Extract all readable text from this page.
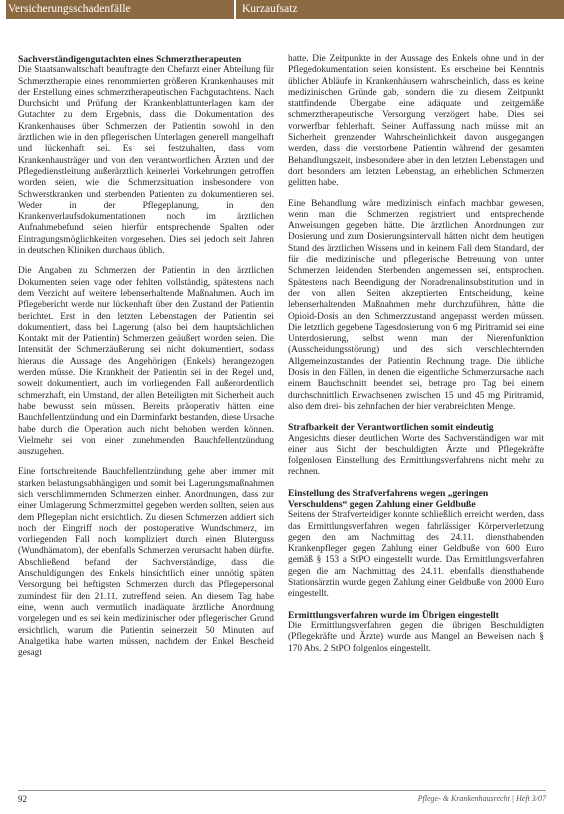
Versicherungsschadenfälle	Kurzaufsatz
Sachverständigengutachten eines Schmerztherapeuten

Die Staatsanwaltschaft beauftragte den Chefarzt einer Abteilung für Schmerztherapie eines renommierten größeren Krankenhauses mit der Erstellung eines schmerztherapeutischen Fachgutachtens. Nach Durchsicht und Prüfung der Krankenblattunterlagen kam der Gutachter zu dem Ergebnis, dass die Dokumentation des Krankenhauses über Schmerzen der Patientin sowohl in den ärztlichen wie in den pflegerischen Unterlagen generell mangelhaft und lückenhaft sei. Es sei festzuhalten, dass vom Krankenhausträger und von den verantwortlichen Ärzten und der Pflegedienstleitung außerärztlich keinerlei Vorkehrungen getroffen worden seien, wie die Schmerzsituation insbesondere von Schwerstkranken und sterbenden Patienten zu dokumentieren sei. Weder in der Pflegeplanung, in den Krankenverlaufsdokumentationen noch im ärztlichen Aufnahmebefund seien hierfür entsprechende Spalten oder Eintragungsmöglichkeiten vorgesehen. Dies sei jedoch seit Jahren in deutschen Kliniken durchaus üblich.

Die Angaben zu Schmerzen der Patientin in den ärztlichen Dokumenten seien vage oder fehlten vollständig, spätestens nach dem Verzicht auf weitere lebenserhaltende Maßnahmen. Auch im Pflegebericht werde nur lückenhaft über den Zustand der Patientin berichtet. Erst in den letzten Lebenstagen der Patientin sei dokumentiert, dass bei Lagerung (also bei dem hauptsächlichen Kontakt mit der Patientin) Schmerzen geäußert worden seien. Die Intensität der Schmerzäußerung sei nicht dokumentiert, sodass hieraus die Aussage des Angehörigen (Enkels) herangezogen werden müsse. Die Krankheit der Patientin sei in der Regel und, soweit dokumentiert, auch im vorliegenden Fall außerordentlich schmerzhaft, ein Umstand, der allen Beteiligten mit Sicherheit auch habe bewusst sein müssen. Bereits präoperativ hätten eine Bauchfellentzündung und ein Darminfarkt bestanden, diese Ursache habe durch die Operation auch nicht behoben werden können. Vielmehr sei von einer zunehmenden Bauchfellentzündung auszugehen.

Eine fortschreitende Bauchfellentzündung gehe aber immer mit starken belastungsabhängigen und somit bei Lagerungsmaßnahmen sich verschlimmernden Schmerzen einher. Anordnungen, dass zur einer Umlagerung Schmerzmittel gegeben werden sollten, seien aus dem Pflegeplan nicht ersichtlich. Zu diesen Schmerzen addiert sich noch der Eingriff noch der postoperative Wundschmerz, im vorliegenden Fall noch kompliziert durch einen Bluterguss (Wundhämatom), der ebenfalls Schmerzen verursacht haben dürfte. Abschließend befand der Sachverständige, dass die Anschuldigungen des Enkels hinsichtlich einer unnötig späten Versorgung bei heftigsten Schmerzen durch das Pflegepersonal zumindest für den 21.11. zutreffend seien. An diesem Tag habe eine, wenn auch vermutlich inadäquate ärztliche Anordnung vorgelegen und es sei kein medizinischer oder pflegerischer Grund ersichtlich, warum die Patientin seinerzeit 50 Minuten auf Analgetika habe warten müssen, nachdem der Enkel Bescheid gesagt

hatte. Die Zeitpunkte in der Aussage des Enkels ohne und in der Pflegedokumentation seien konsistent. Es erscheine bei Kenntnis üblicher Abläufe in Krankenhäusern wahrscheinlich, dass es keine medizinischen Gründe gab, sondern die zu diesem Zeitpunkt stattfindende Übergabe eine adäquate und zeitgemäße schmerztherapeutische Versorgung verzögert habe. Dies sei vorwerfbar fehlerhaft. Seiner Auffassung nach müsse mit an Sicherheit grenzender Wahrscheinlichkeit davon ausgegangen werden, dass die verstorbene Patientin während der gesamten Behandlungszeit, insbesondere aber in den letzten Lebenstagen und dort besonders am letzten Lebenstag, an erheblichen Schmerzen gelitten habe.

Eine Behandlung wäre medizinisch einfach machbar gewesen, wenn man die Schmerzen registriert und entsprechende Anweisungen gegeben hätte. Die ärztlichen Anordnungen zur Dosierung und zum Dosierungsintervall hätten nicht dem heutigen Stand des ärztlichen Wissens und in keinem Fall dem Standard, der für die medizinische und pflegerische Betreuung von unter Schmerzen leidenden Sterbenden angemessen sei, entsprochen. Spätestens nach Beendigung der Noradrenalinsubstitution und in der von allen Seiten akzeptierten Entscheidung, keine lebenserhaltenden Maßnahmen mehr durchzuführen, hätte die Opioid-Dosis an den Schmerzzustand angepasst werden müssen. Die letztlich gegebene Tagesdosierung von 6 mg Piritramid sei eine Unterdosierung, selbst wenn man der Nierenfunktion (Ausscheidungsstörung) und des sich verschlechternden Allgemeinzustandes der Patientin Rechnung trage. Die übliche Dosis in den Fällen, in denen die eigentliche Schmerzursache nach einem Bauchschnitt beendet sei, betrage pro Tag bei einem durchschnittlich Erwachsenen zwischen 15 und 45 mg Piritramid, also dem drei- bis zehnfachen der hier verabreichten Menge.

Strafbarkeit der Verantwortlichen somit eindeutig

Angesichts dieser deutlichen Worte des Sachverständigen war mit einer aus Sicht der beschuldigten Ärzte und Pflegekräfte folgenlosen Einstellung des Ermittlungsverfahrens nicht mehr zu rechnen.

Einstellung des Strafverfahrens wegen „geringen Verschuldens“ gegen Zahlung einer Geldbuße

Seitens der Strafverteidiger konnte schließlich erreicht werden, dass das Ermittlungsverfahren wegen fahrlässiger Körperverletzung gegen den am Nachmittag des 24.11. diensthabenden Krankenpfleger gegen Zahlung einer Geldbuße von 600 Euro gemäß § 153 a StPO eingestellt wurde. Das Ermittlungsverfahren gegen die am Nachmittag des 24.11. ebenfalls diensthabende Stationsärztin wurde gegen Zahlung einer Geldbuße von 2000 Euro eingestellt.

Ermittlungsverfahren wurde im Übrigen eingestellt

Die Ermittlungsverfahren gegen die übrigen Beschuldigten (Pflegekräfte und Ärzte) wurde aus Mangel an Beweisen nach § 170 Abs. 2 StPO folgenlos eingestellt.

92	Pflege- & Krankenhausrecht | Heft 3/07
